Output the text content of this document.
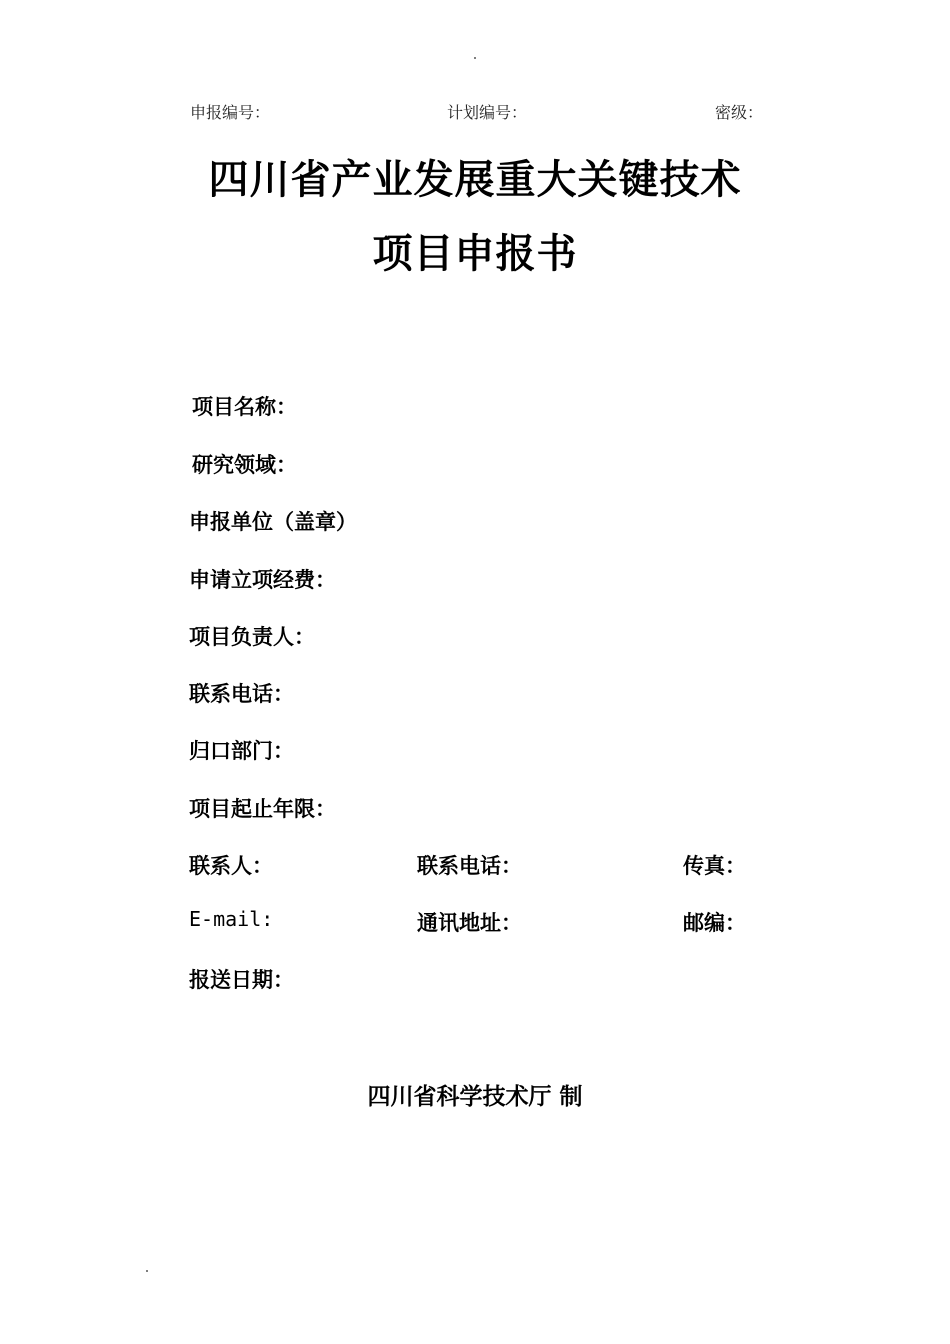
申报编号：	计划编号：	密级：
四川省产业发展重大关键技术
项目申报书
项目名称：
研究领域：
申报单位（盖章）
申请立项经费：
项目负责人：
联系电话：
归口部门：
项目起止年限：
联系人：	联系电话：	传真：
E-mail:	通讯地址：	邮编：
报送日期：
四川省科学技术厅 制
